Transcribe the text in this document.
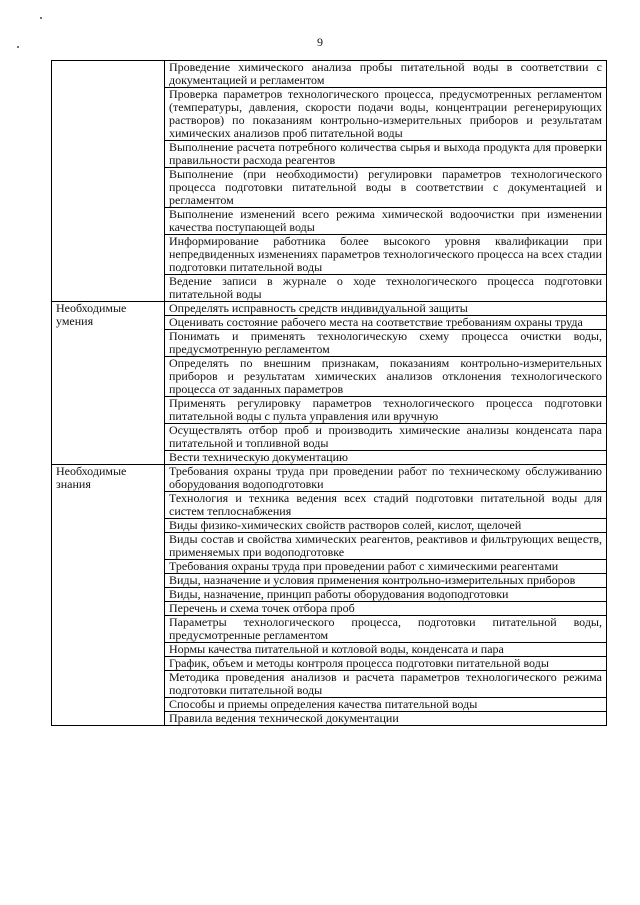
9
	Проведение химического анализа пробы питательной воды в соответствии с документацией и регламентом
	Проверка параметров технологического процесса, предусмотренных регламентом (температуры, давления, скорости подачи воды, концентрации регенерирующих растворов) по показаниям контрольно-измерительных приборов и результатам химических анализов проб питательной воды
	Выполнение расчета потребного количества сырья и выхода продукта для проверки правильности расхода реагентов
	Выполнение (при необходимости) регулировки параметров технологического процесса подготовки питательной воды в соответствии с документацией и регламентом
	Выполнение изменений всего режима химической водоочистки при изменении качества поступающей воды
	Информирование работника более высокого уровня квалификации при непредвиденных изменениях параметров технологического процесса на всех стадии подготовки питательной воды
	Ведение записи в журнале о ходе технологического процесса подготовки питательной воды
Необходимые умения	Определять исправность средств индивидуальной защиты
	Оценивать состояние рабочего места на соответствие требованиям охраны труда
	Понимать и применять технологическую схему процесса очистки воды, предусмотренную регламентом
	Определять по внешним признакам, показаниям контрольно-измерительных приборов и результатам химических анализов отклонения технологического процесса от заданных параметров
	Применять регулировку параметров технологического процесса подготовки питательной воды с пульта управления или вручную
	Осуществлять отбор проб и производить химические анализы конденсата пара питательной и топливной воды
	Вести техническую документацию
Необходимые знания	Требования охраны труда при проведении работ по техническому обслуживанию оборудования водоподготовки
	Технология и техника ведения всех стадий подготовки питательной воды для систем теплоснабжения
	Виды физико-химических свойств растворов солей, кислот, щелочей
	Виды состав и свойства химических реагентов, реактивов и фильтрующих веществ, применяемых при водоподготовке
	Требования охраны труда при проведении работ с химическими реагентами
	Виды, назначение и условия применения контрольно-измерительных приборов
	Виды, назначение, принцип работы оборудования водоподготовки
	Перечень и схема точек отбора проб
	Параметры технологического процесса, подготовки питательной воды, предусмотренные регламентом
	Нормы качества питательной и котловой воды, конденсата и пара
	График, объем и методы контроля процесса подготовки питательной воды
	Методика проведения анализов и расчета параметров технологического режима подготовки питательной воды
	Способы и приемы определения качества питательной воды
	Правила ведения технической документации
